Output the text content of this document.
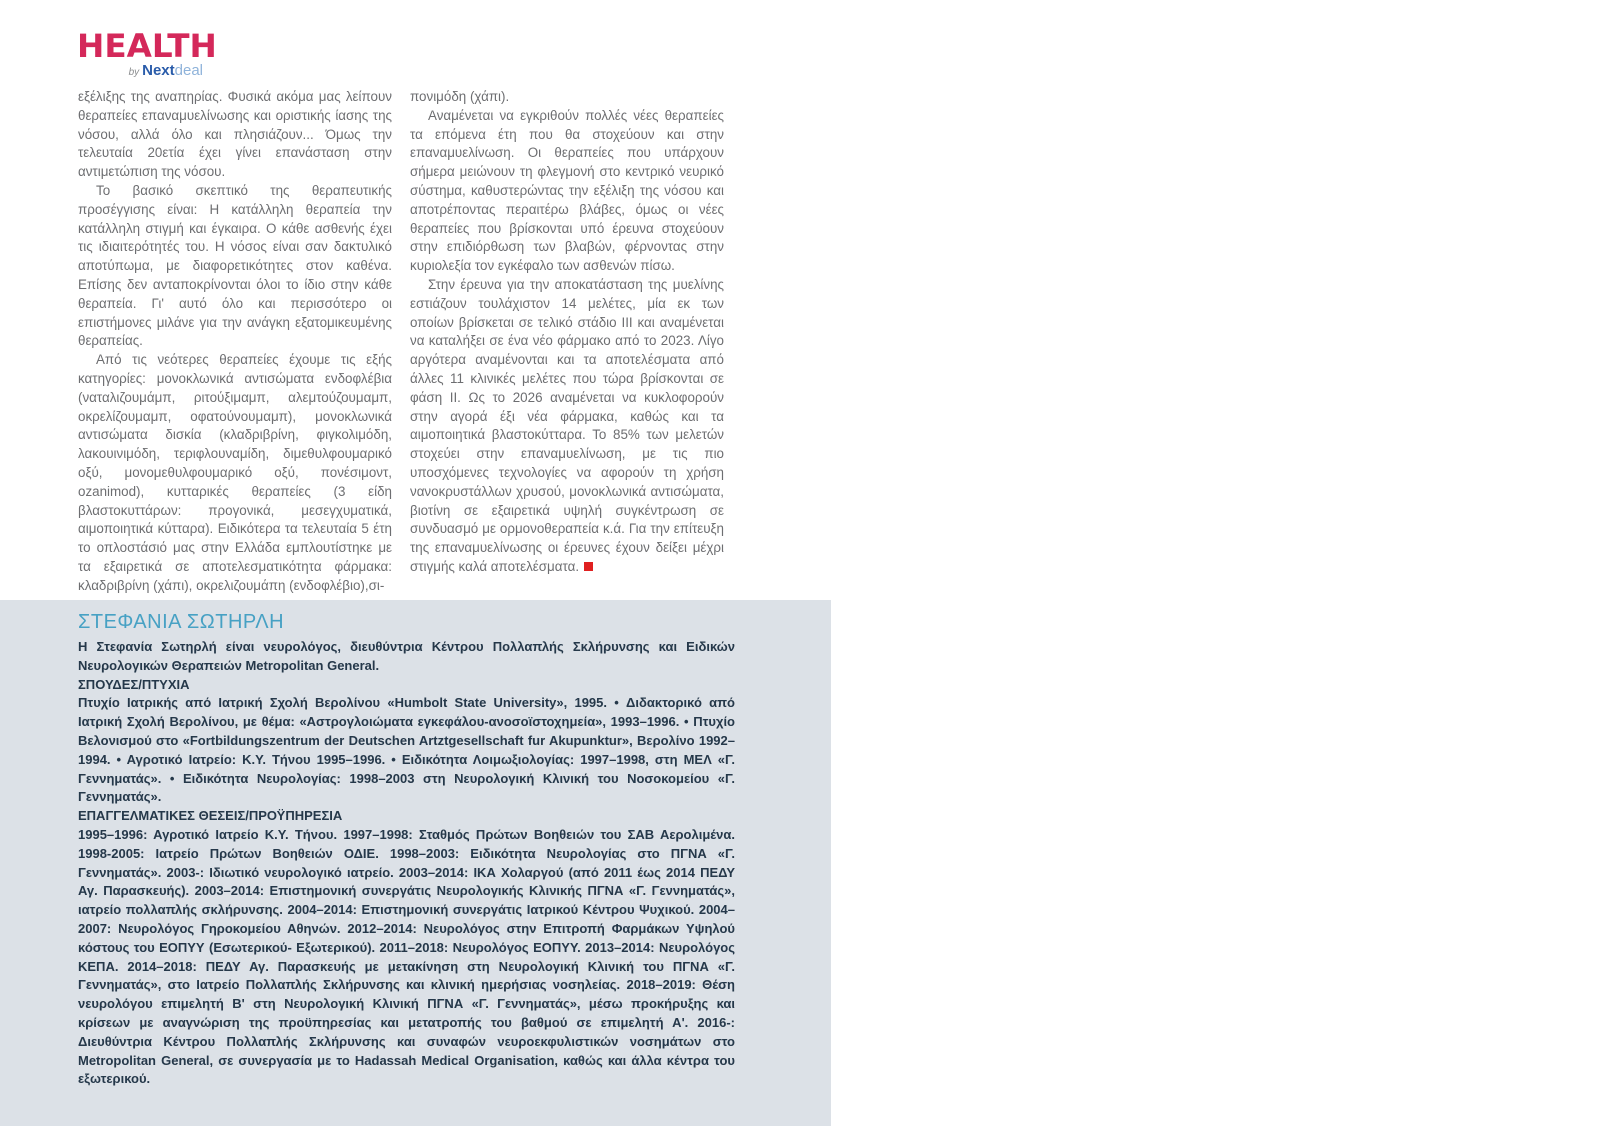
HEALTH
by Nextdeal

εξέλιξης της αναπηρίας. Φυσικά ακόμα μας λείπουν θεραπείες επαναμυελίνωσης και οριστικής ίασης της νόσου, αλλά όλο και πλησιάζουν... Όμως την τελευταία 20ετία έχει γίνει επανάσταση στην αντιμετώπιση της νόσου.

Το βασικό σκεπτικό της θεραπευτικής προσέγγισης είναι: Η κατάλληλη θεραπεία την κατάλληλη στιγμή και έγκαιρα. Ο κάθε ασθενής έχει τις ιδιαιτερότητές του. Η νόσος είναι σαν δακτυλικό αποτύπωμα, με διαφορετικότητες στον καθένα. Επίσης δεν ανταποκρίνονται όλοι το ίδιο στην κάθε θεραπεία. Γι' αυτό όλο και περισσότερο οι επιστήμονες μιλάνε για την ανάγκη εξατομικευμένης θεραπείας.

Από τις νεότερες θεραπείες έχουμε τις εξής κατηγορίες: μονοκλωνικά αντισώματα ενδοφλέβια (ναταλιζουμάμπ, ριτούξιμαμπ, αλεμτούζουμαμπ, οκρελίζουμαμπ, οφατούνουμαμπ), μονοκλωνικά αντισώματα δισκία (κλαδριβρίνη, φιγκολιμόδη, λακουινιμόδη, τεριφλουναμίδη, διμεθυλφουμαρικό οξύ, μονομεθυλφουμαρικό οξύ, πονέσιμοντ, ozanimod), κυτταρικές θεραπείες (3 είδη βλαστοκυττάρων: προγονικά, μεσεγχυματικά, αιμοποιητικά κύτταρα). Ειδικότερα τα τελευταία 5 έτη το οπλοστάσιό μας στην Ελλάδα εμπλουτίστηκε με τα εξαιρετικά σε αποτελεσματικότητα φάρμακα: κλαδριβρίνη (χάπι), οκρελιζουμάπη (ενδοφλέβιο),σι-

πονιμόδη (χάπι).

Αναμένεται να εγκριθούν πολλές νέες θεραπείες τα επόμενα έτη που θα στοχεύουν και στην επαναμυελίνωση. Οι θεραπείες που υπάρχουν σήμερα μειώνουν τη φλεγμονή στο κεντρικό νευρικό σύστημα, καθυστερώντας την εξέλιξη της νόσου και αποτρέποντας περαιτέρω βλάβες, όμως οι νέες θεραπείες που βρίσκονται υπό έρευνα στοχεύουν στην επιδιόρθωση των βλαβών, φέρνοντας στην κυριολεξία τον εγκέφαλο των ασθενών πίσω.

Στην έρευνα για την αποκατάσταση της μυελίνης εστιάζουν τουλάχιστον 14 μελέτες, μία εκ των οποίων βρίσκεται σε τελικό στάδιο ΙΙΙ και αναμένεται να καταλήξει σε ένα νέο φάρμακο από το 2023. Λίγο αργότερα αναμένονται και τα αποτελέσματα από άλλες 11 κλινικές μελέτες που τώρα βρίσκονται σε φάση ΙΙ. Ως το 2026 αναμένεται να κυκλοφορούν στην αγορά έξι νέα φάρμακα, καθώς και τα αιμοποιητικά βλαστοκύτταρα. Το 85% των μελετών στοχεύει στην επαναμυελίνωση, με τις πιο υποσχόμενες τεχνολογίες να αφορούν τη χρήση νανοκρυστάλλων χρυσού, μονοκλωνικά αντισώματα, βιοτίνη σε εξαιρετικά υψηλή συγκέντρωση σε συνδυασμό με ορμονοθεραπεία κ.ά. Για την επίτευξη της επαναμυελίνωσης οι έρευνες έχουν δείξει μέχρι στιγμής καλά αποτελέσματα.

ΣΤΕΦΑΝΙΑ ΣΩΤΗΡΛΗ

Η Στεφανία Σωτηρλή είναι νευρολόγος, διευθύντρια Κέντρου Πολλαπλής Σκλήρυνσης και Ειδικών Νευρολογικών Θεραπειών Metropolitan General.

ΣΠΟΥΔΕΣ/ΠΤΥΧΙΑ

Πτυχίο Ιατρικής από Ιατρική Σχολή Βερολίνου «Humbolt State University», 1995. • Διδακτορικό από Ιατρική Σχολή Βερολίνου, με θέμα: «Αστρογλοιώματα εγκεφάλου-ανοσοϊστοχημεία», 1993–1996. • Πτυχίο Βελονισμού στο «Fortbildungszentrum der Deutschen Artztgesellschaft fur Akupunktur», Βερολίνο 1992–1994. • Αγροτικό Ιατρείο: Κ.Υ. Τήνου 1995–1996. • Ειδικότητα Λοιμωξιολογίας: 1997–1998, στη ΜΕΛ «Γ. Γεννηματάς». • Ειδικότητα Νευρολογίας: 1998–2003 στη Νευρολογική Κλινική του Νοσοκομείου «Γ. Γεννηματάς».

ΕΠΑΓΓΕΛΜΑΤΙΚΕΣ ΘΕΣΕΙΣ/ΠΡΟΫΠΗΡΕΣΙΑ

1995–1996: Αγροτικό Ιατρείο Κ.Υ. Τήνου. 1997–1998: Σταθμός Πρώτων Βοηθειών του ΣΑΒ Αερολιμένα. 1998-2005: Ιατρείο Πρώτων Βοηθειών ΟΔΙΕ. 1998–2003: Ειδικότητα Νευρολογίας στο ΠΓΝΑ «Γ. Γεννηματάς». 2003-: Ιδιωτικό νευρολογικό ιατρείο. 2003–2014: ΙΚΑ Χολαργού (από 2011 έως 2014 ΠΕΔΥ Αγ. Παρασκευής). 2003–2014: Επιστημονική συνεργάτις Νευρολογικής Κλινικής ΠΓΝΑ «Γ. Γεννηματάς», ιατρείο πολλαπλής σκλήρυνσης. 2004–2014: Επιστημονική συνεργάτις Ιατρικού Κέντρου Ψυχικού. 2004–2007: Νευρολόγος Γηροκομείου Αθηνών. 2012–2014: Νευρολόγος στην Επιτροπή Φαρμάκων Υψηλού κόστους του ΕΟΠΥΥ (Εσωτερικού- Εξωτερικού). 2011–2018: Νευρολόγος ΕΟΠΥΥ. 2013–2014: Νευρολόγος ΚΕΠΑ. 2014–2018: ΠΕΔΥ Αγ. Παρασκευής με μετακίνηση στη Νευρολογική Κλινική του ΠΓΝΑ «Γ. Γεννηματάς», στο Ιατρείο Πολλαπλής Σκλήρυνσης και κλινική ημερήσιας νοσηλείας. 2018–2019: Θέση νευρολόγου επιμελητή Β' στη Νευρολογική Κλινική ΠΓΝΑ «Γ. Γεννηματάς», μέσω προκήρυξης και κρίσεων με αναγνώριση της προϋπηρεσίας και μετατροπής του βαθμού σε επιμελητή Α'. 2016-: Διευθύντρια Κέντρου Πολλαπλής Σκλήρυνσης και συναφών νευροεκφυλιστικών νοσημάτων στο Metropolitan General, σε συνεργασία με το Hadassah Medical Organisation, καθώς και άλλα κέντρα του εξωτερικού.
